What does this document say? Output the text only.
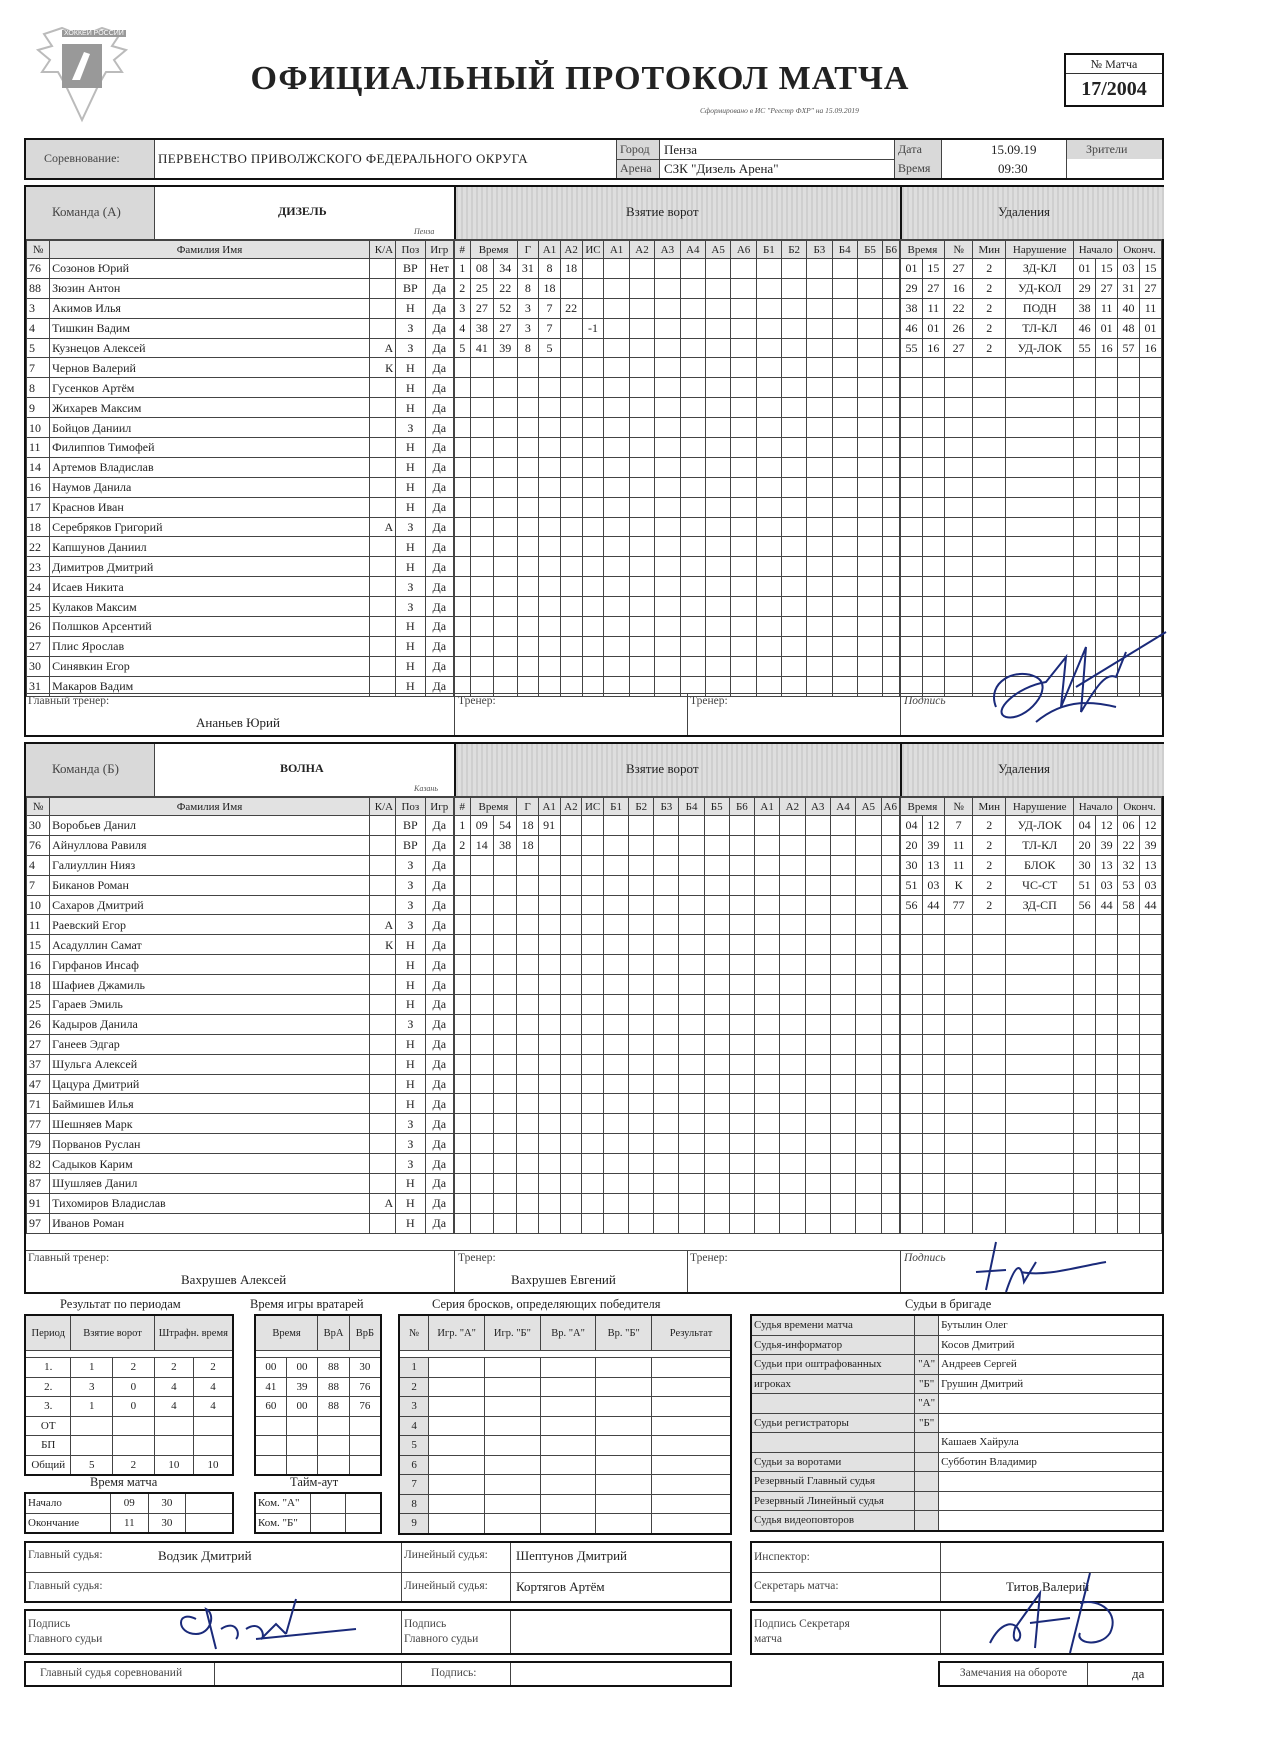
ХОККЕЙ РОССИИ
ОФИЦИАЛЬНЫЙ ПРОТОКОЛ МАТЧА
Сформировано в ИС "Реестр ФХР" на 15.09.2019
№ Матча
17/2004
Соревнование:	ПЕРВЕНСТВО ПРИВОЛЖСКОГО ФЕДЕРАЛЬНОГО ОКРУГА
Город Пенза
Арена СЗК "Дизель Арена"
Дата	15.09.19
Время	09:30
Зрители
Команда (А)	ДИЗЕЛЬ
Пенза
Взятие ворот	Удаления
№	Фамилия Имя	К/А	Поз	Игр
76	Созонов Юрий		ВР	Нет
88	Зюзин Антон		ВР	Да
3	Акимов Илья		Н	Да
4	Тишкин Вадим		З	Да
5	Кузнецов Алексей	А	З	Да
7	Чернов Валерий	К	Н	Да
8	Гусенков Артём		Н	Да
9	Жихарев Максим		Н	Да
10	Бойцов Даниил		З	Да
11	Филиппов Тимофей		Н	Да
14	Артемов Владислав		Н	Да
16	Наумов Данила		Н	Да
17	Краснов Иван		Н	Да
18	Серебряков Григорий	А	З	Да
22	Капшунов Даниил		Н	Да
23	Димитров Дмитрий		Н	Да
24	Исаев Никита		З	Да
25	Кулаков Максим		З	Да
26	Полшков Арсентий		Н	Да
27	Плис Ярослав		Н	Да
30	Синявкин Егор		Н	Да
31	Макаров Вадим		Н	Да
#	Время		Г	А1	А2	ИС	А1	А2	А3	А4	А5	А6	Б1	Б2	Б3	Б4	Б5	Б6
1	08	34	31	8	18													
2	25	22	8	18														
3	27	52	3	7	22													
4	38	27	3	7		-1												
5	41	39	8	5														

Время		№	Мин	Нарушение	Начало		Оконч.	
01	15	27	2	ЗД-КЛ	01	15	03	15
29	27	16	2	УД-КОЛ	29	27	31	27
38	11	22	2	ПОДН	38	11	40	11
46	01	26	2	ТЛ-КЛ	46	01	48	01
55	16	27	2	УД-ЛОК	55	16	57	16

Главный тренер:
Ананьев Юрий
Тренер:	Тренер:	Подпись
Команда (Б)	ВОЛНА
Казань
Взятие ворот	Удаления
№	Фамилия Имя	К/А	Поз	Игр
30	Воробьев Данил		ВР	Да
76	Айнуллова Равиля		ВР	Да
4	Галиуллин Нияз		З	Да
7	Биканов Роман		З	Да
10	Сахаров Дмитрий		З	Да
11	Раевский Егор	А	З	Да
15	Асадуллин Самат	К	Н	Да
16	Гирфанов Инсаф		Н	Да
18	Шафиев Джамиль		Н	Да
25	Гараев Эмиль		Н	Да
26	Кадыров Данила		З	Да
27	Ганеев Эдгар		Н	Да
37	Шульга Алексей		Н	Да
47	Цацура Дмитрий		Н	Да
71	Баймишев Илья		Н	Да
77	Шешняев Марк		З	Да
79	Порванов Руслан		З	Да
82	Садыков Карим		З	Да
87	Шушляев Данил		Н	Да
91	Тихомиров Владислав	А	Н	Да
97	Иванов Роман		Н	Да
#	Время		Г	А1	А2	ИС	Б1	Б2	Б3	Б4	Б5	Б6	А1	А2	А3	А4	А5	А6
1	09	54	18	91														
2	14	38	18															

Время		№	Мин	Нарушение	Начало		Оконч.	
04	12	7	2	УД-ЛОК	04	12	06	12
20	39	11	2	ТЛ-КЛ	20	39	22	39
30	13	11	2	БЛОК	30	13	32	13
51	03	К	2	ЧС-СТ	51	03	53	03
56	44	77	2	ЗД-СП	56	44	58	44

Главный тренер:
Вахрушев Алексей
Тренер:
Вахрушев Евгений
Тренер:	Подпись
Результат по периодам
Период	Взятие ворот		Штрафн. время	

1.	1	2	2	2
2.	3	0	4	4
3.	1	0	4	4
ОТ				
БП				
Общий	5	2	10	10
Время матча
Начало	09	30	
Окончание	11	30	
Время игры вратарей
Время		ВрА	ВрБ

00	00	88	30
41	39	88	76
60	00	88	76

Тайм-аут
Ком. "А"		
Ком. "Б"		
Серия бросков, определяющих победителя
№	Игр. "А"	Игр. "Б"	Вр. "А"	Вр. "Б"	Результат

1					
2					
3					
4					
5					
6					
7					
8					
9					
Судьи в бригаде
Судья времени матча		Бутылин Олег
Судья-информатор		Косов Дмитрий
Судьи при оштрафованных	"А"	Андреев Сергей
игроках	"Б"	Грушин Дмитрий
	"А"	
Судьи регистраторы	"Б"	
		Кашаев Хайрула
Судьи за воротами		Субботин Владимир
Резервный Главный судья		
Резервный Линейный судья		
Судья видеоповторов		
Главный судья:	Водзик Дмитрий
Главный судья:
Линейный судья: Шептунов Дмитрий
Линейный судья: Кортягов Артём
Инспектор:
Секретарь матча:	Титов Валерий
Подпись Главного судьи
Подпись Главного судьи
Подпись Секретаря матча
Главный судья соревнований	Подпись:	Замечания на обороте	да
